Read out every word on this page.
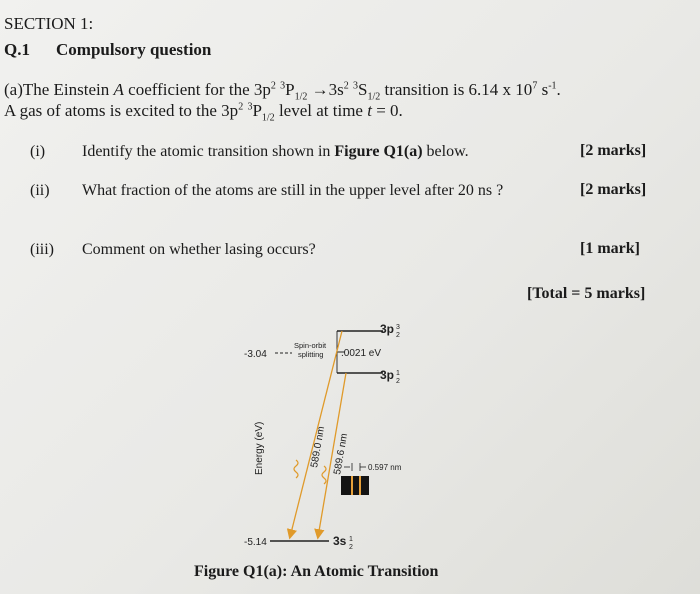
SECTION 1:
Q.1 Compulsory question
(a)The Einstein A coefficient for the $3p^2$ $^3P_{1/2} \to 3s^2$ $^3S_{1/2}$ transition is 6.14 x $10^7$ $s^{-1}$.
A gas of atoms is excited to the $3p^2$ $^3P_{1/2}$ level at time t = 0.
(i) Identify the atomic transition shown in Figure Q1(a) below.	[2 marks]
(ii) What fraction of the atoms are still in the upper level after 20 ns ?	[2 marks]
(iii) Comment on whether lasing occurs?	[1 mark]
[Total = 5 marks]
-3.04
Spin-orbit
splitting .0021 eV
3p 3
2
3p 1
2
Energy (eV)	589.0 nm 589.6 nm 0.597 nm
-5.14	3s 1
2
Figure Q1(a): An Atomic Transition
